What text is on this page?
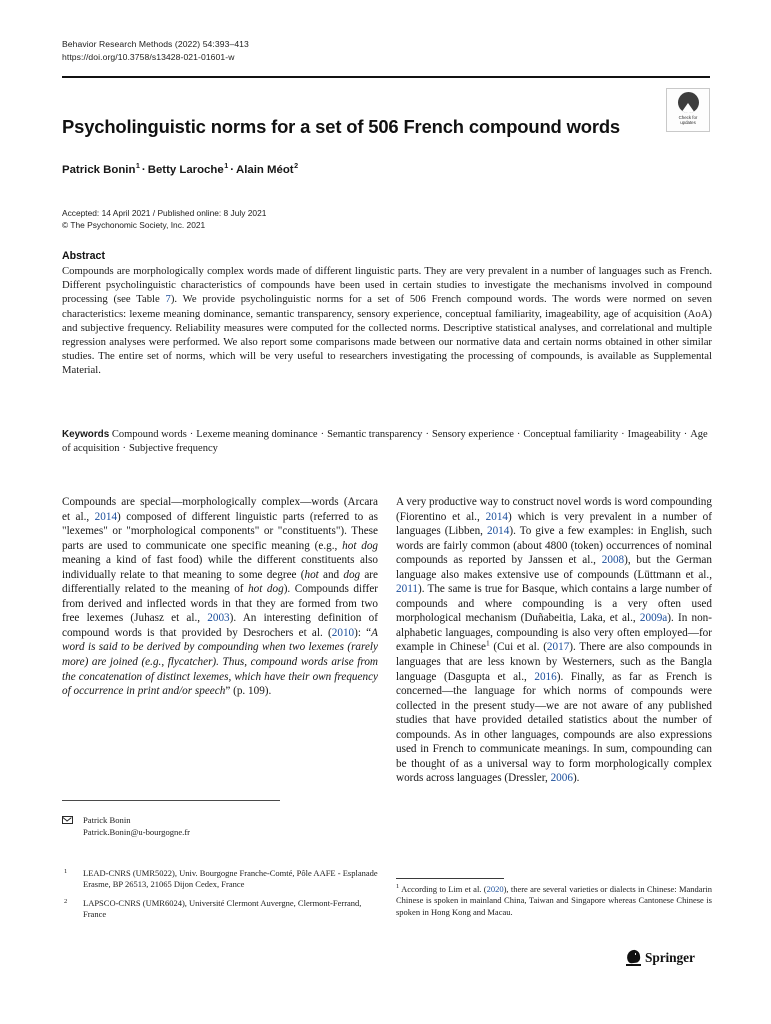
Behavior Research Methods (2022) 54:393–413
https://doi.org/10.3758/s13428-021-01601-w
Check for
updates
Psycholinguistic norms for a set of 506 French compound words
Patrick Bonin$^1$ · Betty Laroche$^1$ · Alain Méot$^2$
Accepted: 14 April 2021 / Published online: 8 July 2021
© The Psychonomic Society, Inc. 2021
Abstract
Compounds are morphologically complex words made of different linguistic parts. They are very prevalent in a number of languages such as French. Different psycholinguistic characteristics of compounds have been used in certain studies to investigate the mechanisms involved in compound processing (see Table 7). We provide psycholinguistic norms for a set of 506 French compound words. The words were normed on seven characteristics: lexeme meaning dominance, semantic transparency, sensory experience, conceptual familiarity, imageability, age of acquisition (AoA) and subjective frequency. Reliability measures were computed for the collected norms. Descriptive statistical analyses, and correlational and multiple regression analyses were performed. We also report some comparisons made between our normative data and certain norms obtained in other similar studies. The entire set of norms, which will be very useful to researchers investigating the processing of compounds, is available as Supplemental Material.
Keywords Compound words · Lexeme meaning dominance · Semantic transparency · Sensory experience · Conceptual familiarity · Imageability · Age of acquisition · Subjective frequency

Compounds are special—morphologically complex—words (Arcara et al., 2014) composed of different linguistic parts (referred to as "lexemes" or "morphological components" or "constituents"). These parts are used to communicate one specific meaning (e.g., hot dog meaning a kind of fast food) while the different constituents also individually relate to that meaning to some degree (hot and dog are differentially related to the meaning of hot dog). Compounds differ from derived and inflected words in that they are formed from two free lexemes (Juhasz et al., 2003). An interesting definition of compound words is that provided by Desrochers et al. (2010): “A word is said to be derived by compounding when two lexemes (rarely more) are joined (e.g., flycatcher). Thus, compound words arise from the concatenation of distinct lexemes, which have their own frequency of occurrence in print and/or speech” (p. 109).

A very productive way to construct novel words is word compounding (Fiorentino et al., 2014) which is very prevalent in a number of languages (Libben, 2014). To give a few examples: in English, such words are fairly common (about 4800 (token) occurrences of nominal compounds as reported by Janssen et al., 2008), but the German language also makes extensive use of compounds (Lüttmann et al., 2011). The same is true for Basque, which contains a large number of compounds and where compounding is a very often used morphological mechanism (Duñabeitia, Laka, et al., 2009a). In non-alphabetic languages, compounding is also very often employed—for example in Chinese$^1$ (Cui et al. (2017). There are also compounds in languages that are less known by Westerners, such as the Bangla language (Dasgupta et al., 2016). Finally, as far as French is concerned—the language for which norms of compounds were collected in the present study—we are not aware of any published studies that have provided detailed statistics about the number of compounds. As in other languages, compounds are also expressions used in French to communicate meanings. In sum, compounding can be thought of as a universal way to form morphologically complex words across languages (Dressler, 2006).

Patrick Bonin
Patrick.Bonin@u-bourgogne.fr
1 LEAD-CNRS (UMR5022), Univ. Bourgogne Franche-Comté, Pôle AAFE - Esplanade Erasme, BP 26513, 21065 Dijon Cedex, France
2 LAPSCO-CNRS (UMR6024), Université Clermont Auvergne, Clermont-Ferrand, France
$^1$ According to Lim et al. (2020), there are several varieties or dialects in Chinese: Mandarin Chinese is spoken in mainland China, Taiwan and Singapore whereas Cantonese Chinese is spoken in Hong Kong and Macau.
Springer
